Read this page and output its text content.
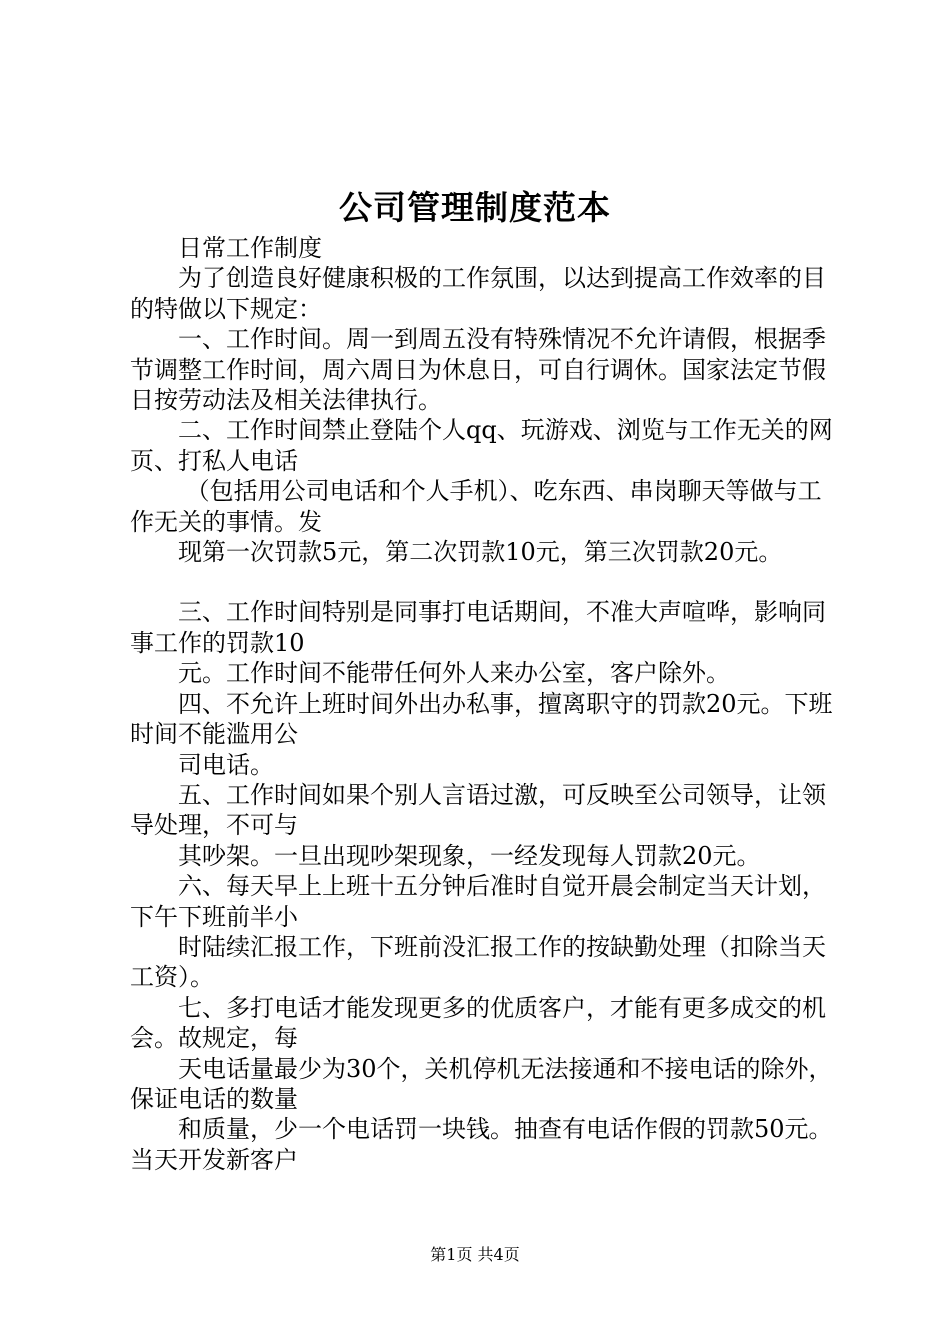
公司管理制度范本

日常工作制度

为了创造良好健康积极的工作氛围，以达到提高工作效率的目的特做以下规定：

一、工作时间。周一到周五没有特殊情况不允许请假，根据季节调整工作时间，周六周日为休息日，可自行调休。国家法定节假日按劳动法及相关法律执行。

二、工作时间禁止登陆个人qq、玩游戏、浏览与工作无关的网页、打私人电话

（包括用公司电话和个人手机）、吃东西、串岗聊天等做与工作无关的事情。发

现第一次罚款5元，第二次罚款10元，第三次罚款20元。

三、工作时间特别是同事打电话期间，不准大声喧哗，影响同事工作的罚款10

元。工作时间不能带任何外人来办公室，客户除外。

四、不允许上班时间外出办私事，擅离职守的罚款20元。下班时间不能滥用公

司电话。

五、工作时间如果个别人言语过激，可反映至公司领导，让领导处理，不可与

其吵架。一旦出现吵架现象，一经发现每人罚款20元。

六、每天早上上班十五分钟后准时自觉开晨会制定当天计划，下午下班前半小

时陆续汇报工作，下班前没汇报工作的按缺勤处理（扣除当天工资）。

七、多打电话才能发现更多的优质客户，才能有更多成交的机会。故规定，每

天电话量最少为30个，关机停机无法接通和不接电话的除外，保证电话的数量

和质量，少一个电话罚一块钱。抽查有电话作假的罚款50元。当天开发新客户

第1页 共4页
